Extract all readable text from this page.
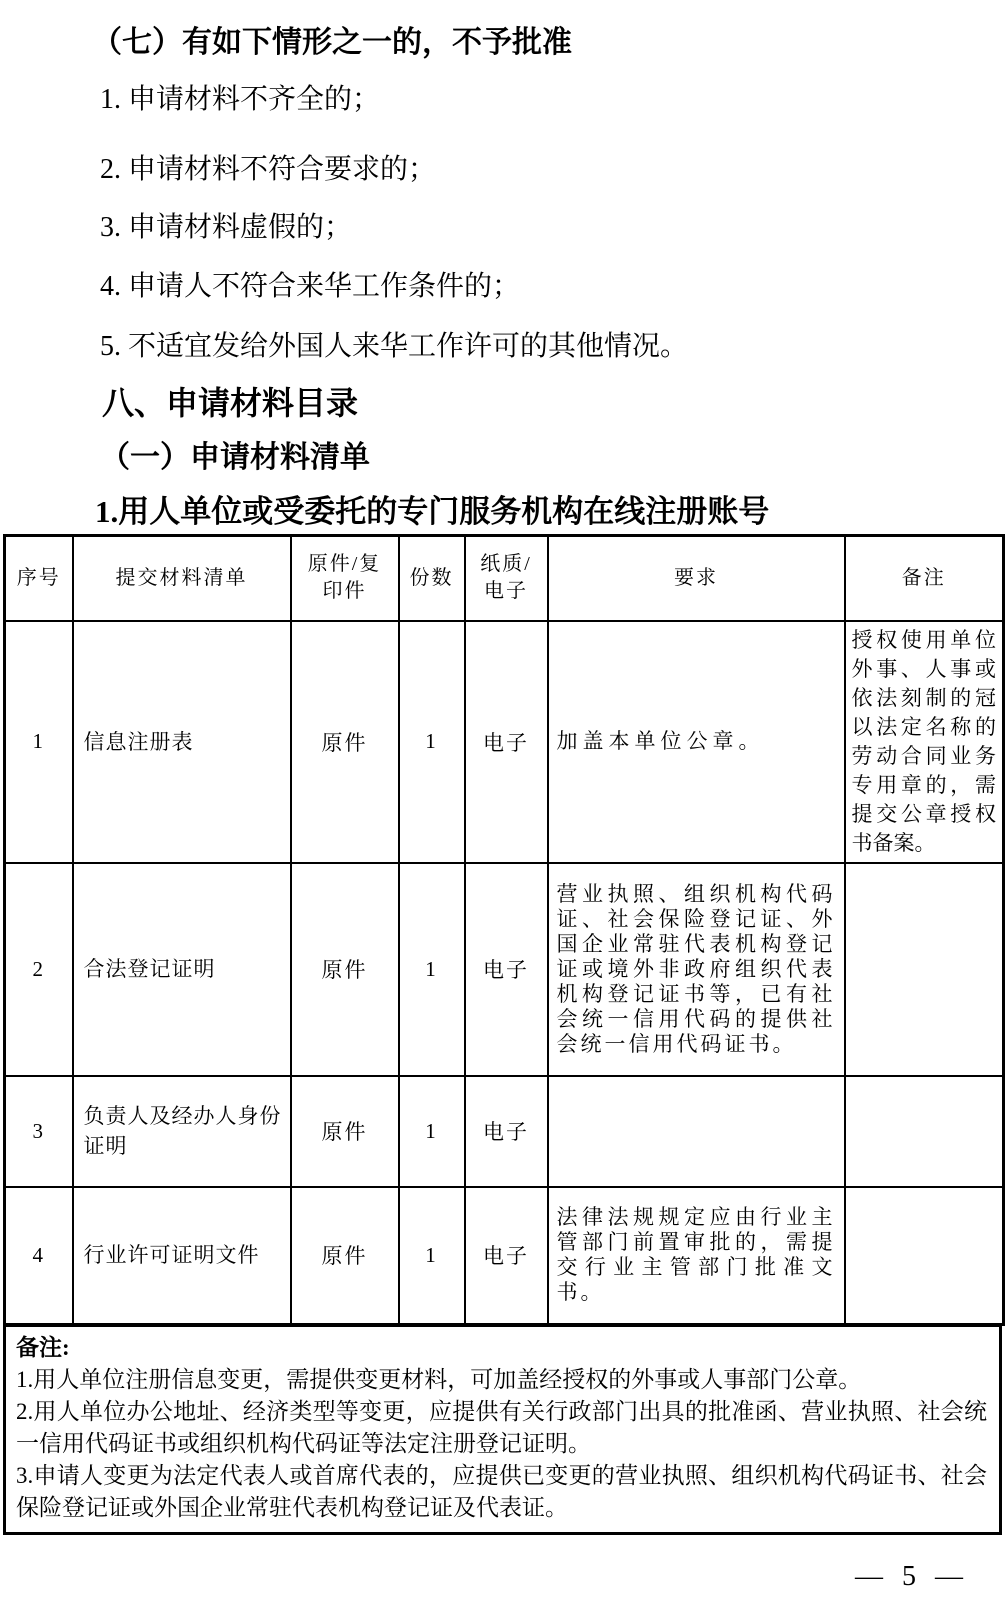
（七）有如下情形之一的，不予批准
1. 申请材料不齐全的；
2. 申请材料不符合要求的；
3. 申请材料虚假的；
4. 申请人不符合来华工作条件的；
5. 不适宜发给外国人来华工作许可的其他情况。
八、申请材料目录
（一）申请材料清单
1.用人单位或受委托的专门服务机构在线注册账号
序号	提交材料清单	原件/复印件	份数	纸质/电子	要求	备注
1	信息注册表	原件	1	电子	加盖本单位公章。	授权使用单位外事、人事或依法刻制的冠以法定名称的劳动合同业务专用章的，需提交公章授权书备案。
2	合法登记证明	原件	1	电子	营业执照、组织机构代码证、社会保险登记证、外国企业常驻代表机构登记证或境外非政府组织代表机构登记证书等，已有社会统一信用代码的提供社会统一信用代码证书。	
3	负责人及经办人身份证明	原件	1	电子		
4	行业许可证明文件	原件	1	电子	法律法规规定应由行业主管部门前置审批的，需提交行业主管部门批准文书。	
备注:
1.用人单位注册信息变更，需提供变更材料，可加盖经授权的外事或人事部门公章。
2.用人单位办公地址、经济类型等变更，应提供有关行政部门出具的批准函、营业执照、社会统一信用代码证书或组织机构代码证等法定注册登记证明。
3.申请人变更为法定代表人或首席代表的，应提供已变更的营业执照、组织机构代码证书、社会保险登记证或外国企业常驻代表机构登记证及代表证。
— 5 —
